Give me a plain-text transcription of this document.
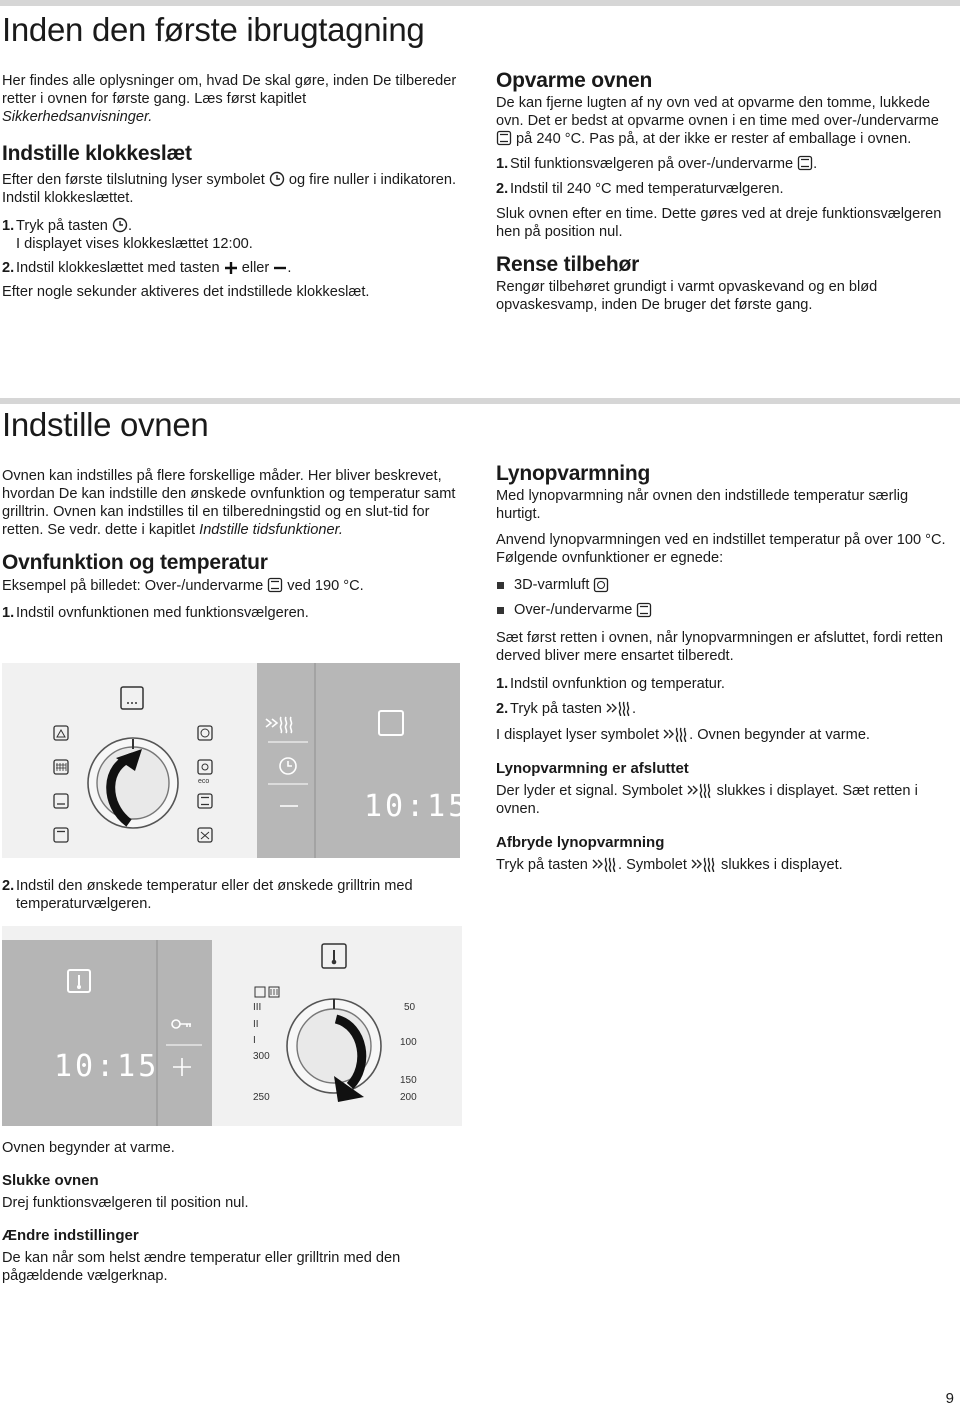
Inden den første ibrugtagning

Her findes alle oplysninger om, hvad De skal gøre, inden De tilbereder retter i ovnen for første gang. Læs først kapitlet Sikkerhedsanvisninger.

Indstille klokkeslæt

Efter den første tilslutning lyser symbolet  og fire nuller i indikatoren. Indstil klokkeslættet.

1. Tryk på tasten .
I displayet vises klokkeslættet 12:00.
2. Indstil klokkeslættet med tasten  eller .

Efter nogle sekunder aktiveres det indstillede klokkeslæt.

Opvarme ovnen

De kan fjerne lugten af ny ovn ved at opvarme den tomme, lukkede ovn. Det er bedst at opvarme ovnen i en time med over-/undervarme  på 240 °C. Pas på, at der ikke er rester af emballage i ovnen.

1. Stil funktionsvælgeren på over-/undervarme .
2. Indstil til 240 °C med temperaturvælgeren.

Sluk ovnen efter en time. Dette gøres ved at dreje funktionsvælgeren hen på position nul.

Rense tilbehør

Rengør tilbehøret grundigt i varmt opvaskevand og en blød opvaskesvamp, inden De bruger det første gang.

Indstille ovnen

Ovnen kan indstilles på flere forskellige måder. Her bliver beskrevet, hvordan De kan indstille den ønskede ovnfunktion og temperatur samt grilltrin. Ovnen kan indstilles til en tilberedningstid og en slut-tid for retten. Se vedr. dette i kapitlet Indstille tidsfunktioner.

Ovnfunktion og temperatur

Eksempel på billedet: Over-/undervarme  ved 190 °C.

1. Indstil ovnfunktionen med funktionsvælgeren.
eco
10:15
2. Indstil den ønskede temperatur eller det ønskede grilltrin med temperaturvælgeren.
10:15
III
II
I
300
250
50
100
150
200

Ovnen begynder at varme.

Slukke ovnen

Drej funktionsvælgeren til position nul.

Ændre indstillinger

De kan når som helst ændre temperatur eller grilltrin med den pågældende vælgerknap.

Lynopvarmning

Med lynopvarmning når ovnen den indstillede temperatur særlig hurtigt.

Anvend lynopvarmningen ved en indstillet temperatur på over 100 °C. Følgende ovnfunktioner er egnede:

3D-varmluft

Over-/undervarme

Sæt først retten i ovnen, når lynopvarmningen er afsluttet, fordi retten derved bliver mere ensartet tilberedt.

1. Indstil ovnfunktion og temperatur.
2. Tryk på tasten .

I displayet lyser symbolet . Ovnen begynder at varme.

Lynopvarmning er afsluttet

Der lyder et signal. Symbolet  slukkes i displayet. Sæt retten i ovnen.

Afbryde lynopvarmning

Tryk på tasten . Symbolet  slukkes i displayet.

9
